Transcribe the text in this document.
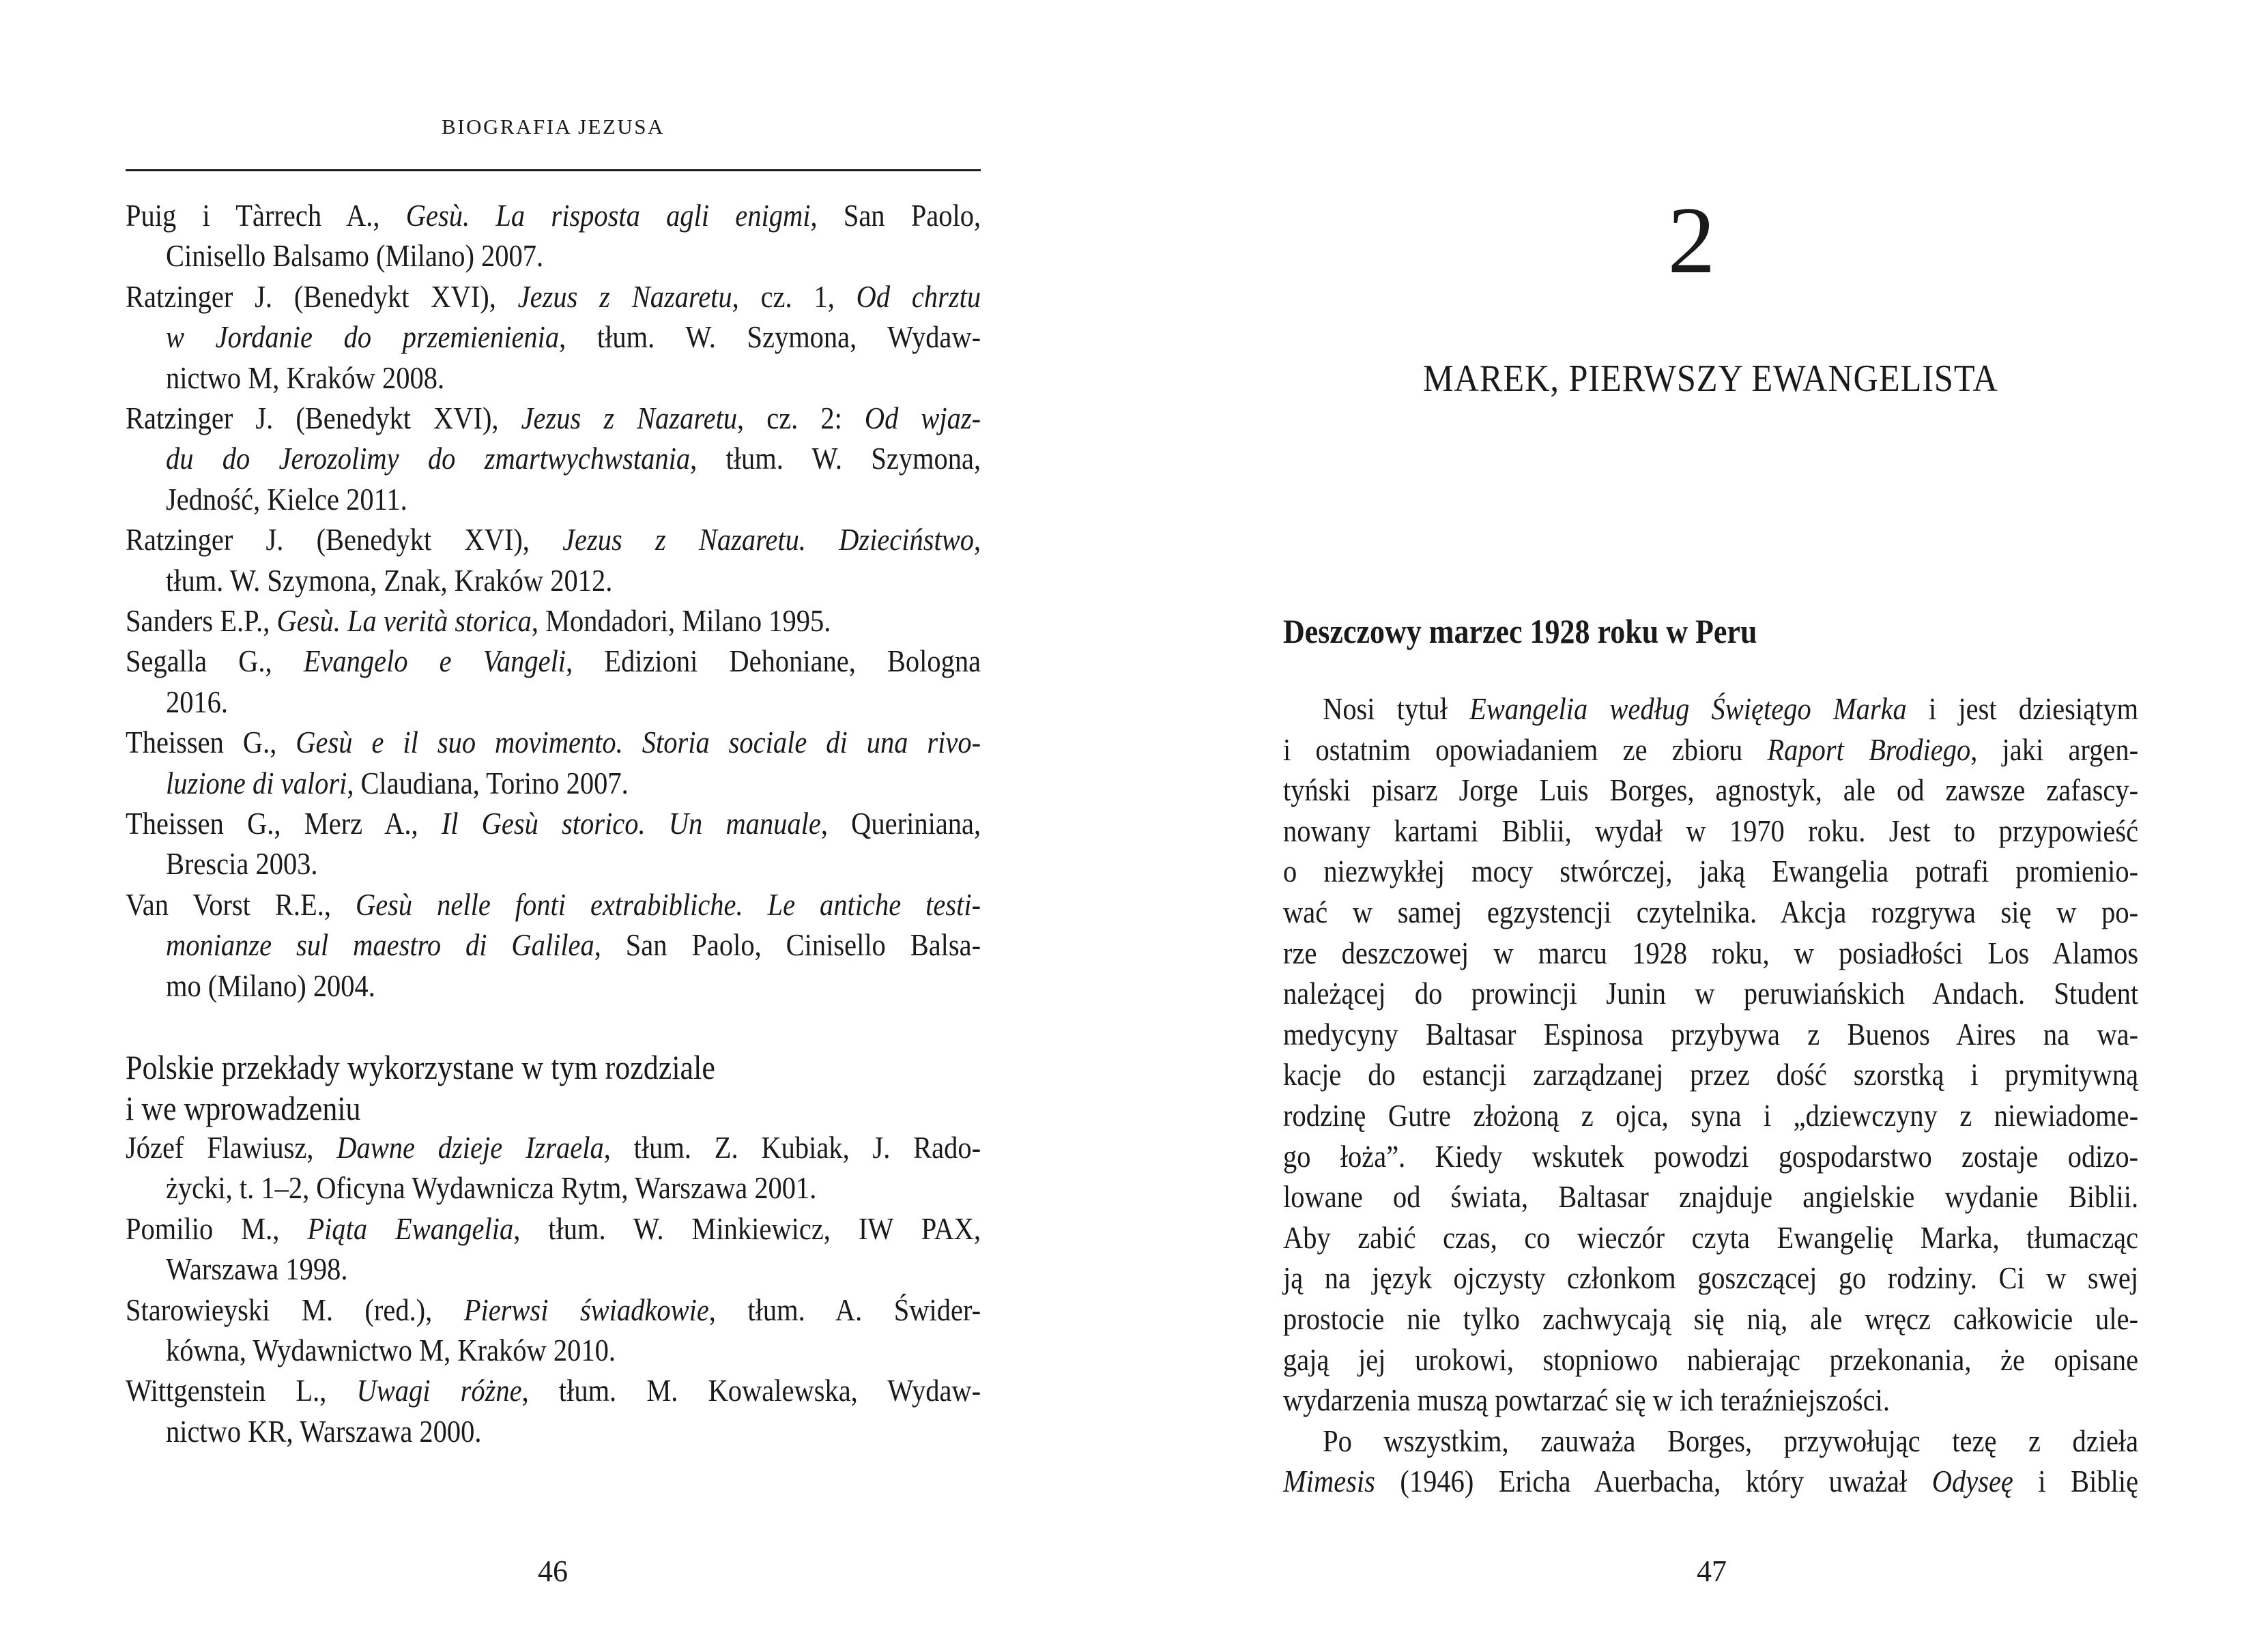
BIOGRAFIA JEZUSA
Puig i Tàrrech A., Gesù. La risposta agli enigmi, San Paolo,
Cinisello Balsamo (Milano) 2007.
Ratzinger J. (Benedykt XVI), Jezus z Nazaretu, cz. 1, Od chrztu
w Jordanie do przemienienia, tłum. W. Szymona, Wydaw-
nictwo M, Kraków 2008.
Ratzinger J. (Benedykt XVI), Jezus z Nazaretu, cz. 2: Od wjaz-
du do Jerozolimy do zmartwychwstania, tłum. W. Szymona,
Jedność, Kielce 2011.
Ratzinger J. (Benedykt XVI), Jezus z Nazaretu. Dzieciństwo,
tłum. W. Szymona, Znak, Kraków 2012.
Sanders E.P., Gesù. La verità storica, Mondadori, Milano 1995.
Segalla G., Evangelo e Vangeli, Edizioni Dehoniane, Bologna
2016.
Theissen G., Gesù e il suo movimento. Storia sociale di una rivo-
luzione di valori, Claudiana, Torino 2007.
Theissen G., Merz A., Il Gesù storico. Un manuale, Queriniana,
Brescia 2003.
Van Vorst R.E., Gesù nelle fonti extrabibliche. Le antiche testi-
monianze sul maestro di Galilea, San Paolo, Cinisello Balsa-
mo (Milano) 2004.
Polskie przekłady wykorzystane w tym rozdziale
i we wprowadzeniu
Józef Flawiusz, Dawne dzieje Izraela, tłum. Z. Kubiak, J. Rado-
życki, t. 1–2, Oficyna Wydawnicza Rytm, Warszawa 2001.
Pomilio M., Piąta Ewangelia, tłum. W. Minkiewicz, IW PAX,
Warszawa 1998.
Starowieyski M. (red.), Pierwsi świadkowie, tłum. A. Świder-
kówna, Wydawnictwo M, Kraków 2010.
Wittgenstein L., Uwagi różne, tłum. M. Kowalewska, Wydaw-
nictwo KR, Warszawa 2000.
46
2
MAREK, PIERWSZY EWANGELISTA
Deszczowy marzec 1928 roku w Peru
Nosi tytuł Ewangelia według Świętego Marka i jest dziesiątym
i ostatnim opowiadaniem ze zbioru Raport Brodiego, jaki argen-
tyński pisarz Jorge Luis Borges, agnostyk, ale od zawsze zafascy-
nowany kartami Biblii, wydał w 1970 roku. Jest to przypowieść
o niezwykłej mocy stwórczej, jaką Ewangelia potrafi promienio-
wać w samej egzystencji czytelnika. Akcja rozgrywa się w po-
rze deszczowej w marcu 1928 roku, w posiadłości Los Alamos
należącej do prowincji Junin w peruwiańskich Andach. Student
medycyny Baltasar Espinosa przybywa z Buenos Aires na wa-
kacje do estancji zarządzanej przez dość szorstką i prymitywną
rodzinę Gutre złożoną z ojca, syna i „dziewczyny z niewiadome-
go łoża”. Kiedy wskutek powodzi gospodarstwo zostaje odizo-
lowane od świata, Baltasar znajduje angielskie wydanie Biblii.
Aby zabić czas, co wieczór czyta Ewangelię Marka, tłumacząc
ją na język ojczysty członkom goszczącej go rodziny. Ci w swej
prostocie nie tylko zachwycają się nią, ale wręcz całkowicie ule-
gają jej urokowi, stopniowo nabierając przekonania, że opisane
wydarzenia muszą powtarzać się w ich teraźniejszości.
Po wszystkim, zauważa Borges, przywołując tezę z dzieła
Mimesis (1946) Ericha Auerbacha, który uważał Odyseę i Biblię
47
